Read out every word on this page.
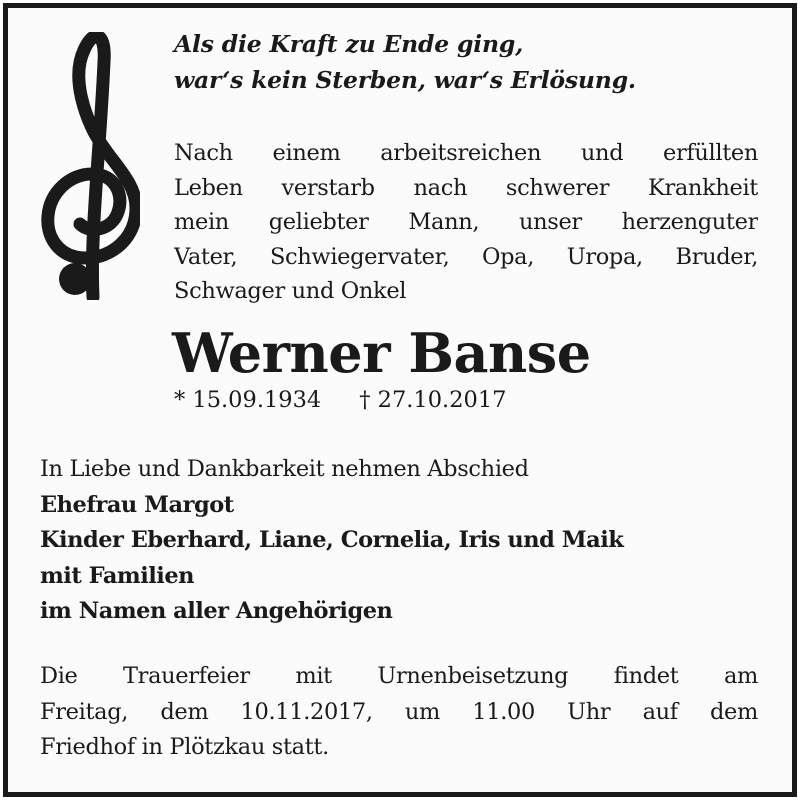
Als die Kraft zu Ende ging,
war‘s kein Sterben, war‘s Erlösung.
Nach einem arbeitsreichen und erfüllten
Leben verstarb nach schwerer Krankheit
mein geliebter Mann, unser herzenguter
Vater, Schwiegervater, Opa, Uropa, Bruder,
Schwager und Onkel
Werner Banse
* 15.09.1934 † 27.10.2017
In Liebe und Dankbarkeit nehmen Abschied
Ehefrau Margot
Kinder Eberhard, Liane, Cornelia, Iris und Maik
mit Familien
im Namen aller Angehörigen
Die Trauerfeier mit Urnenbeisetzung findet am
Freitag, dem 10.11.2017, um 11.00 Uhr auf dem
Friedhof in Plötzkau statt.
